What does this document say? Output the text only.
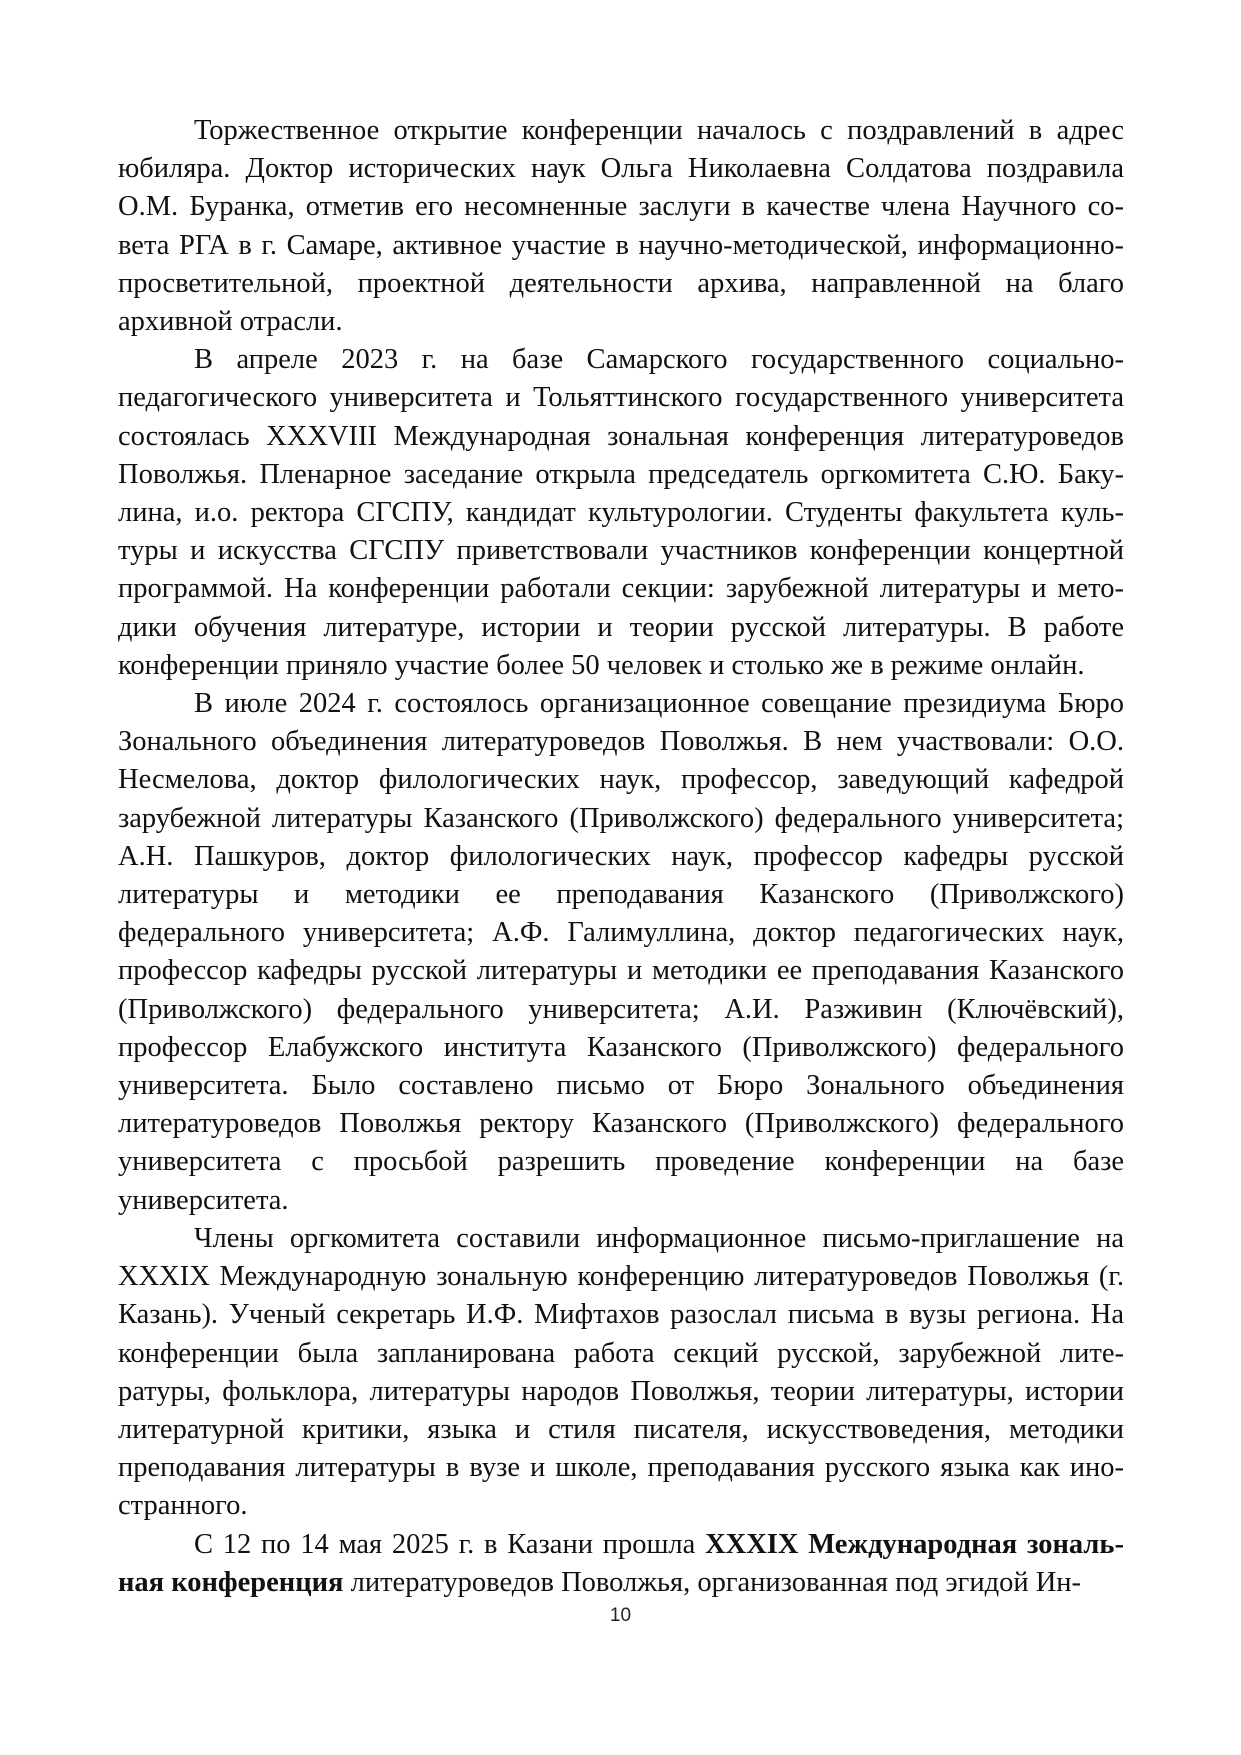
Торжественное открытие конференции началось с поздравлений в адрес юбиляра. Доктор исторических наук Ольга Николаевна Солдатова поздравила О.М. Буранка, отметив его несомненные заслуги в качестве члена Научного совета РГА в г. Самаре, активное участие в научно-методической, информационно-просветительной, проектной деятельности архива, направленной на благо архивной отрасли.

В апреле 2023 г. на базе Самарского государственного социально-педагогического университета и Тольяттинского государственного университета состоялась XXXVIII Международная зональная конференция литературоведов Поволжья. Пленарное заседание открыла председатель оргкомитета С.Ю. Бакулина, и.о. ректора СГСПУ, кандидат культурологии. Студенты факультета культуры и искусства СГСПУ приветствовали участников конференции концертной программой. На конференции работали секции: зарубежной литературы и методики обучения литературе, истории и теории русской литературы. В работе конференции приняло участие более 50 человек и столько же в режиме онлайн.

В июле 2024 г. состоялось организационное совещание президиума Бюро Зонального объединения литературоведов Поволжья. В нем участвовали: О.О. Несмелова, доктор филологических наук, профессор, заведующий кафедрой зарубежной литературы Казанского (Приволжского) федерального университета; А.Н. Пашкуров, доктор филологических наук, профессор кафедры русской литературы и методики ее преподавания Казанского (Приволжского) федерального университета; А.Ф. Галимуллина, доктор педагогических наук, профессор кафедры русской литературы и методики ее преподавания Казанского (Приволжского) федерального университета; А.И. Разживин (Ключёвский), профессор Елабужского института Казанского (Приволжского) федерального университета. Было составлено письмо от Бюро Зонального объединения литературоведов Поволжья ректору Казанского (Приволжского) федерального университета с просьбой разрешить проведение конференции на базе университета.

Члены оргкомитета составили информационное письмо-приглашение на XXXIX Международную зональную конференцию литературоведов Поволжья (г. Казань). Ученый секретарь И.Ф. Мифтахов разослал письма в вузы региона. На конференции была запланирована работа секций русской, зарубежной литературы, фольклора, литературы народов Поволжья, теории литературы, истории литературной критики, языка и стиля писателя, искусствоведения, методики преподавания литературы в вузе и школе, преподавания русского языка как иностранного.

С 12 по 14 мая 2025 г. в Казани прошла XXXIX Международная зональная конференция литературоведов Поволжья, организованная под эгидой Ин-

10
